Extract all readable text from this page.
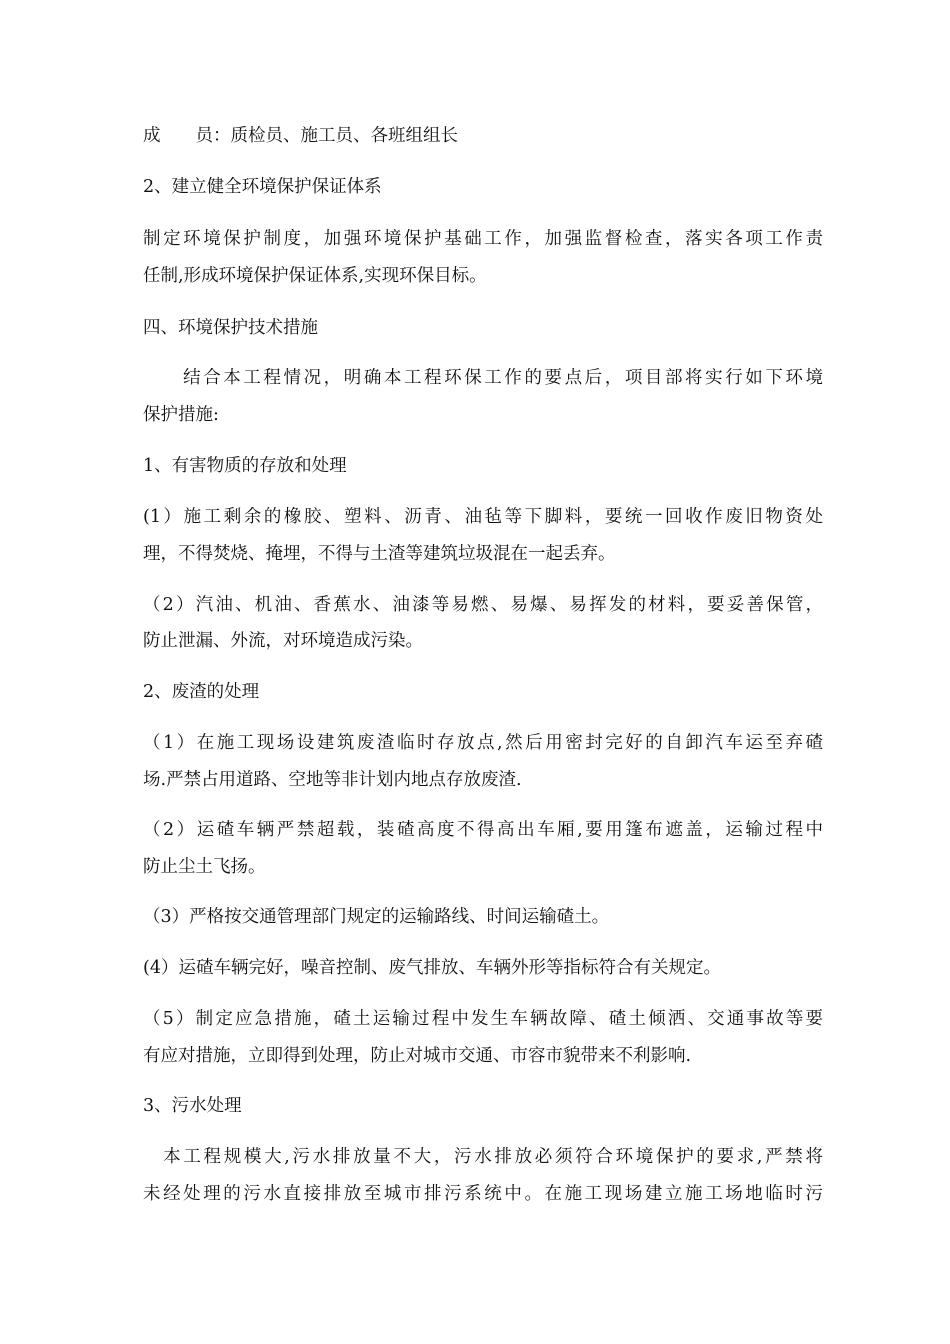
成　　员：质检员、施工员、各班组组长
2、建立健全环境保护保证体系
制定环境保护制度，加强环境保护基础工作，加强监督检查，落实各项工作责
任制,形成环境保护保证体系,实现环保目标。
四、环境保护技术措施
　　结合本工程情况，明确本工程环保工作的要点后，项目部将实行如下环境
保护措施:
1、有害物质的存放和处理
(1）施工剩余的橡胶、塑料、沥青、油毡等下脚料，要统一回收作废旧物资处
理，不得焚烧、掩埋，不得与土渣等建筑垃圾混在一起丢弃。
（2）汽油、机油、香蕉水、油漆等易燃、易爆、易挥发的材料，要妥善保管，
防止泄漏、外流，对环境造成污染。
2、废渣的处理
（1）在施工现场设建筑废渣临时存放点,然后用密封完好的自卸汽车运至弃碴
场.严禁占用道路、空地等非计划内地点存放废渣.
（2）运碴车辆严禁超载，装碴高度不得高出车厢,要用篷布遮盖，运输过程中
防止尘土飞扬。
（3）严格按交通管理部门规定的运输路线、时间运输碴土。
(4）运碴车辆完好，噪音控制、废气排放、车辆外形等指标符合有关规定。
（5）制定应急措施，碴土运输过程中发生车辆故障、碴土倾洒、交通事故等要
有应对措施，立即得到处理，防止对城市交通、市容市貌带来不利影响.
3、污水处理
　本工程规模大,污水排放量不大，污水排放必须符合环境保护的要求,严禁将
未经处理的污水直接排放至城市排污系统中。在施工现场建立施工场地临时污
